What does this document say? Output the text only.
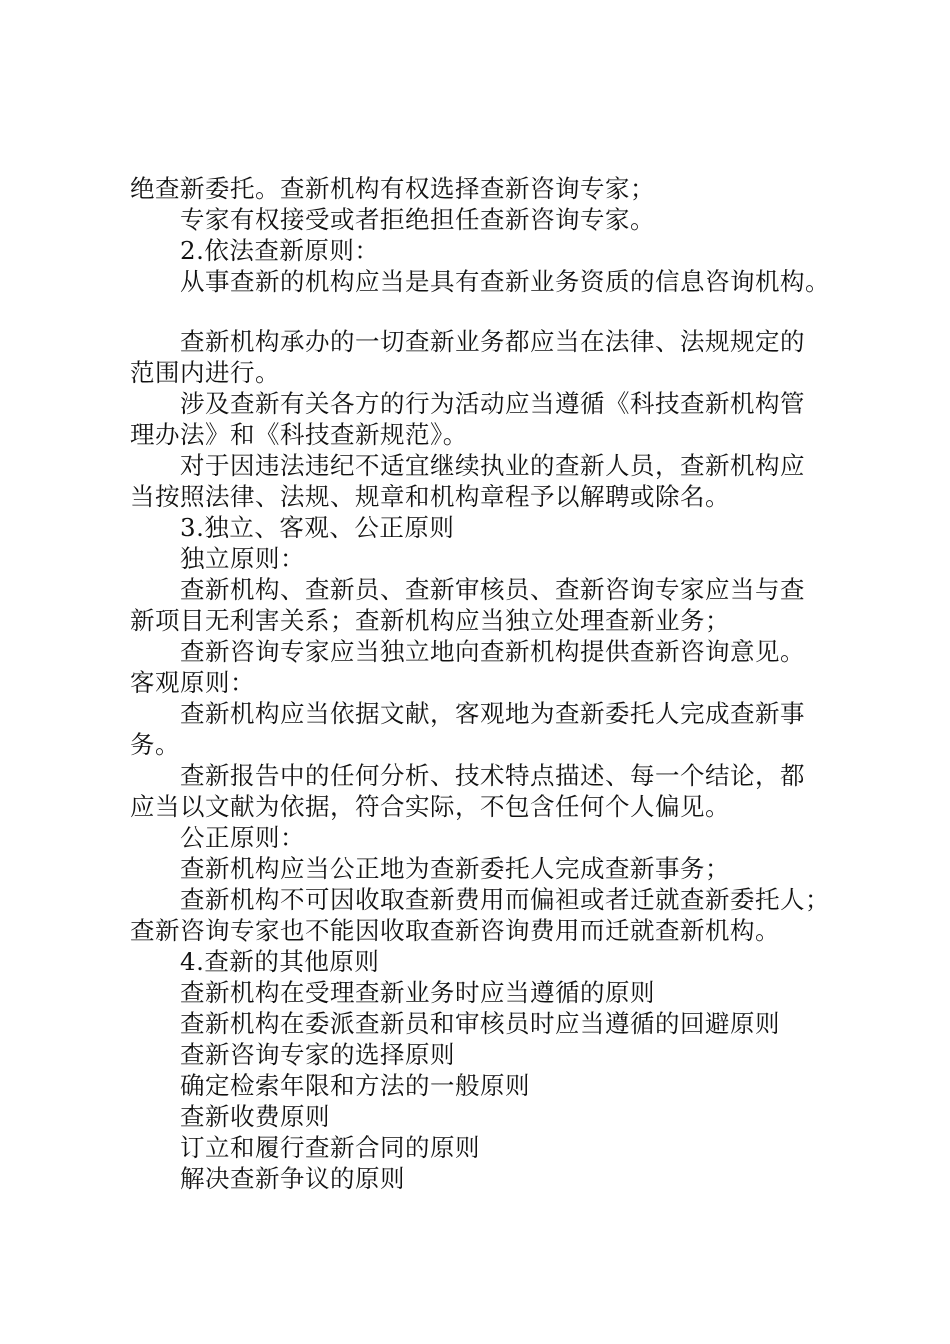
绝查新委托。查新机构有权选择查新咨询专家；
专家有权接受或者拒绝担任查新咨询专家。
2.依法查新原则：
从事查新的机构应当是具有查新业务资质的信息咨询机构。
查新机构承办的一切查新业务都应当在法律、法规规定的
范围内进行。
涉及查新有关各方的行为活动应当遵循《科技查新机构管
理办法》和《科技查新规范》。
对于因违法违纪不适宜继续执业的查新人员，查新机构应
当按照法律、法规、规章和机构章程予以解聘或除名。
3.独立、客观、公正原则
独立原则：
查新机构、查新员、查新审核员、查新咨询专家应当与查
新项目无利害关系；查新机构应当独立处理查新业务；
查新咨询专家应当独立地向查新机构提供查新咨询意见。
客观原则：
查新机构应当依据文献，客观地为查新委托人完成查新事
务。
查新报告中的任何分析、技术特点描述、每一个结论，都
应当以文献为依据，符合实际，不包含任何个人偏见。
公正原则：
查新机构应当公正地为查新委托人完成查新事务；
查新机构不可因收取查新费用而偏袒或者迁就查新委托人；
查新咨询专家也不能因收取查新咨询费用而迁就查新机构。
4.查新的其他原则
查新机构在受理查新业务时应当遵循的原则
查新机构在委派查新员和审核员时应当遵循的回避原则
查新咨询专家的选择原则
确定检索年限和方法的一般原则
查新收费原则
订立和履行查新合同的原则
解决查新争议的原则
